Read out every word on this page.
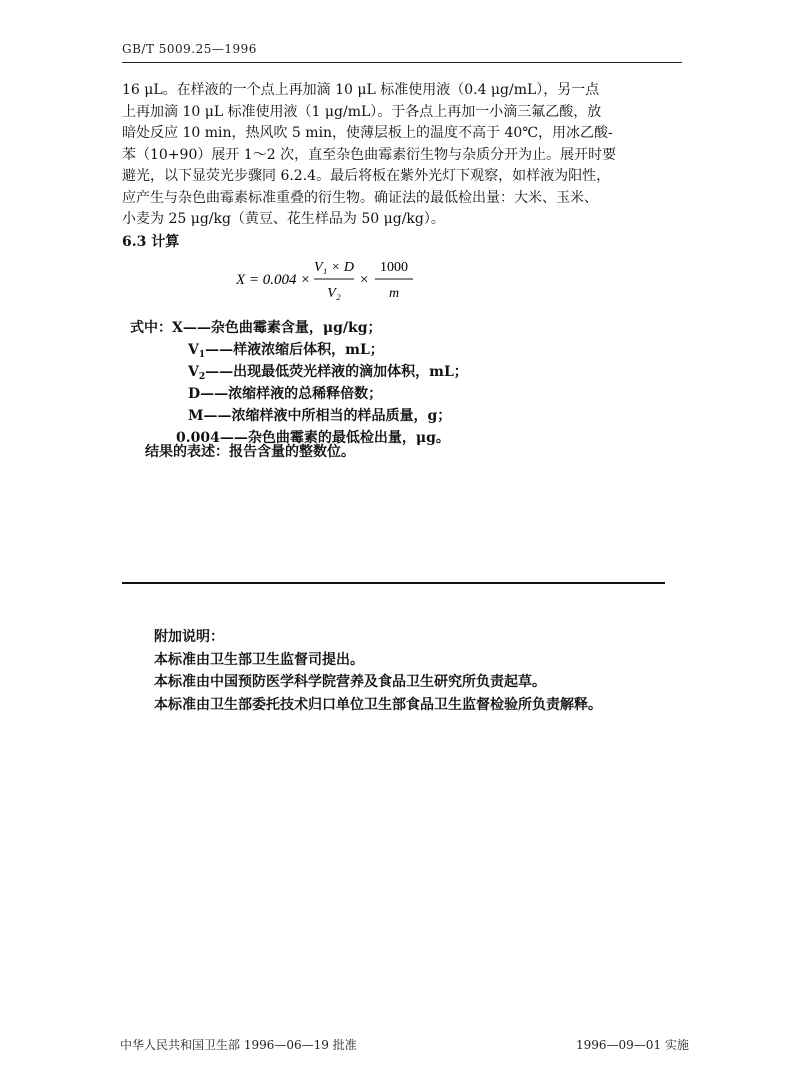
GB/T 5009.25—1996
16 μL。在样液的一个点上再加滴 10 μL 标准使用液（0.4 μg/mL），另一点
上再加滴 10 μL 标准使用液（1 μg/mL）。于各点上再加一小滴三氟乙酸，放
暗处反应 10 min，热风吹 5 min，使薄层板上的温度不高于 40℃，用冰乙酸-
苯（10+90）展开 1～2 次，直至杂色曲霉素衍生物与杂质分开为止。展开时要
避光，以下显荧光步骤同 6.2.4。最后将板在紫外光灯下观察，如样液为阳性，
应产生与杂色曲霉素标准重叠的衍生物。确证法的最低检出量：大米、玉米、
小麦为 25 μg/kg（黄豆、花生样品为 50 μg/kg）。
6.3 计算
X = 0.004 ×
V₁ × D
V₂
×
1000
m
式中：X——杂色曲霉素含量，μg/kg；
$V_1——$样液浓缩后体积，mL；
$V_2——$出现最低荧光样液的滴加体积，mL；
D——浓缩样液的总稀释倍数；
M——浓缩样液中所相当的样品质量，g；
0.004——杂色曲霉素的最低检出量，μg。
结果的表述：报告含量的整数位。
附加说明：
本标准由卫生部卫生监督司提出。
本标准由中国预防医学科学院营养及食品卫生研究所负责起草。
本标准由卫生部委托技术归口单位卫生部食品卫生监督检验所负责解释。
中华人民共和国卫生部 1996—06—19 批准	1996—09—01 实施
